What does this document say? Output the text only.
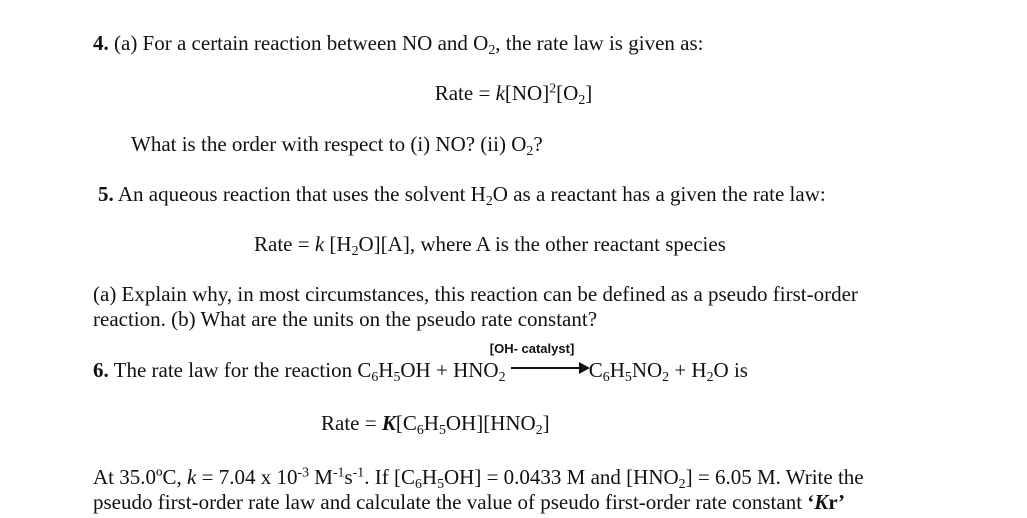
4. (a) For a certain reaction between NO and $O_2$, the rate law is given as:
Rate = $k[NO]^2[O_2]$
What is the order with respect to (i) NO? (ii) $O_2$?
5. An aqueous reaction that uses the solvent $H_2O$ as a reactant has a given the rate law:
Rate = k $[H_2O][A]$, where A is the other reactant species
(a) Explain why, in most circumstances, this reaction can be defined as a pseudo first-order
reaction. (b) What are the units on the pseudo rate constant?
6. The rate law for the reaction $C_6H_5OH + HNO_2$
[OH- catalyst]
$C_6H_5NO_2 + H_2O$ is
Rate = $K[C_6H_5OH][HNO_2]$
At 35.0ºC, k = 7.04 x $10^{-3}$ $M^{-1}s^{-1}$. If $[C_6H_5OH] = 0.0433$ M and $[HNO_2] = 6.05$ M. Write the
pseudo first-order rate law and calculate the value of pseudo first-order rate constant ‘Kr’
